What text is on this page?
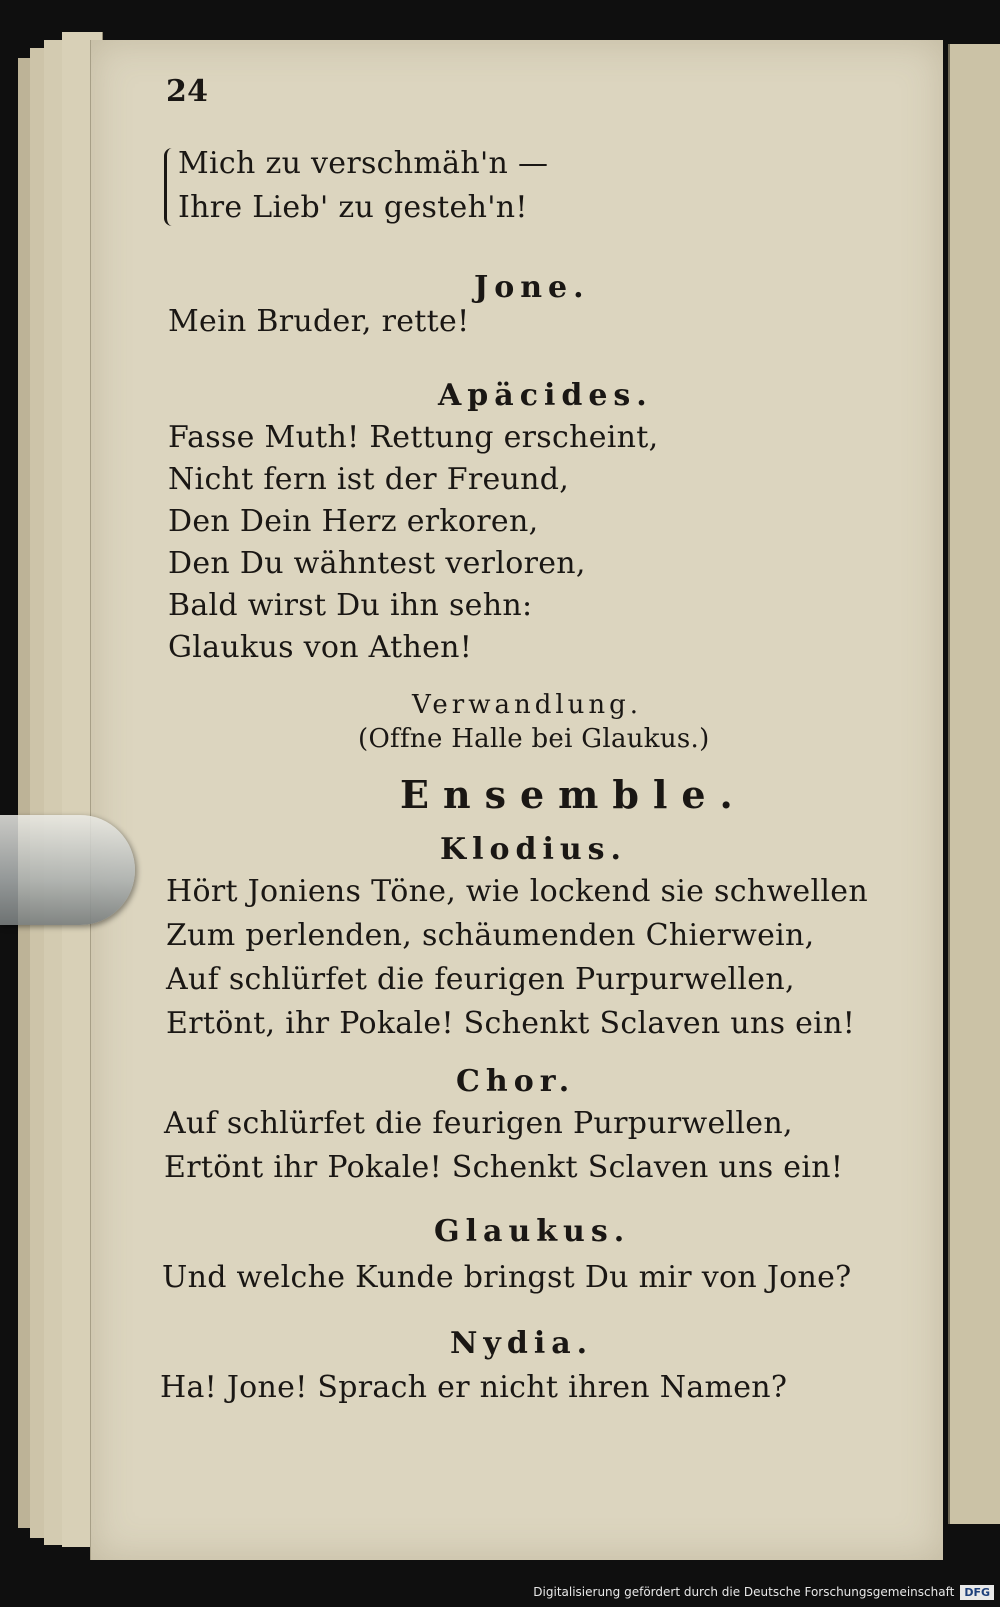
24
Mich zu verschmäh'n —
Ihre Lieb' zu gesteh'n!
Jone.
Mein Bruder, rette!
Apäcides.
Fasse Muth! Rettung erscheint,
Nicht fern ist der Freund,
Den Dein Herz erkoren,
Den Du wähntest verloren,
Bald wirst Du ihn sehn:
Glaukus von Athen!
Verwandlung.
(Offne Halle bei Glaukus.)
Ensemble.
Klodius.
Hört Joniens Töne, wie lockend sie schwellen
Zum perlenden, schäumenden Chierwein,
Auf schlürfet die feurigen Purpurwellen,
Ertönt, ihr Pokale! Schenkt Sclaven uns ein!
Chor.
Auf schlürfet die feurigen Purpurwellen,
Ertönt ihr Pokale! Schenkt Sclaven uns ein!
Glaukus.
Und welche Kunde bringst Du mir von Jone?
Nydia.
Ha! Jone! Sprach er nicht ihren Namen?
Digitalisierung gefördert durch die Deutsche Forschungsgemeinschaft DFG
